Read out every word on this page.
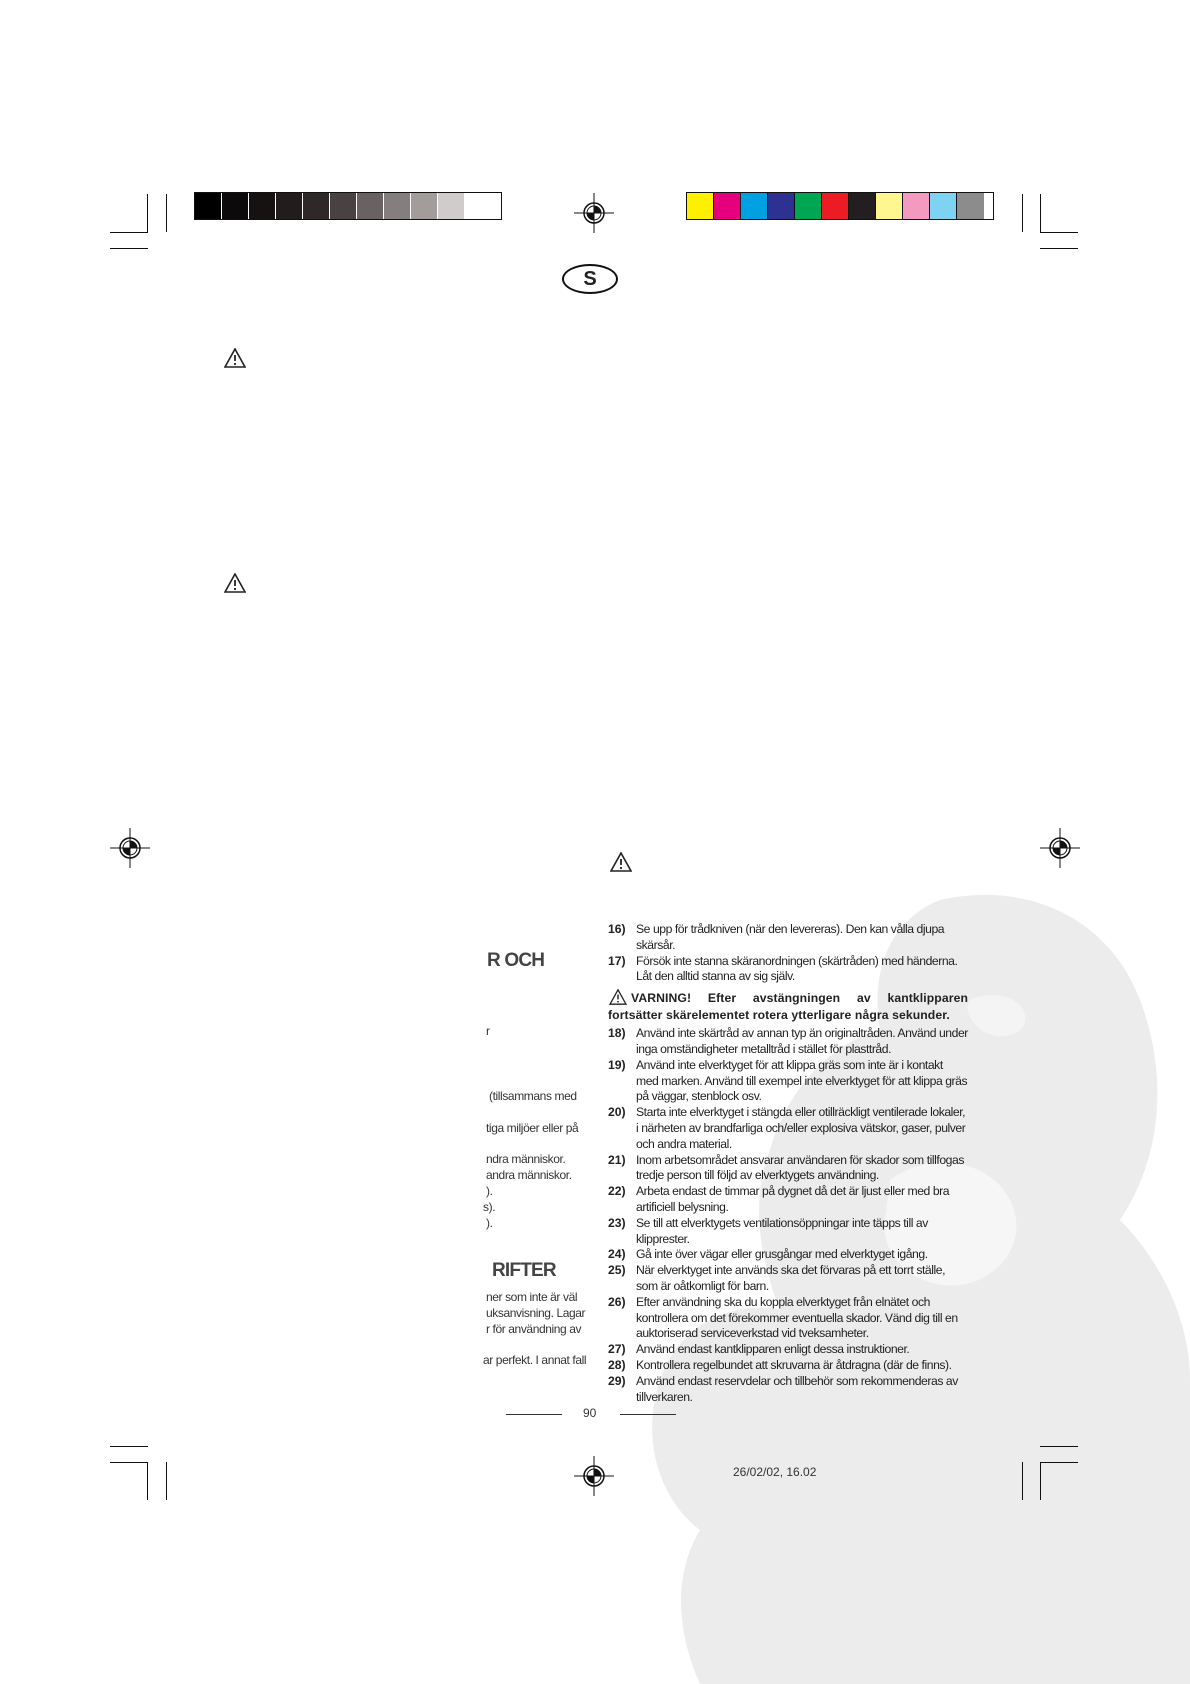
S
R OCH
r
(tillsammans med
tiga miljöer eller på
ndra människor.
andra människor.
).
s).
).
RIFTER
ner som inte är väl
uksanvisning. Lagar
r för användning av
ar perfekt. I annat fall
16) Se upp för trådkniven (när den levereras). Den kan vålla djupa skärsår.
17) Försök inte stanna skäranordningen (skärtråden) med händerna. Låt den alltid stanna av sig själv.
VARNING! Efter avstängningen av kantklipparen fortsätter skärelementet rotera ytterligare några sekunder.
18) Använd inte skärtråd av annan typ än originaltråden. Använd under inga omständigheter metalltråd i stället för plasttråd.
19) Använd inte elverktyget för att klippa gräs som inte är i kontakt med marken. Använd till exempel inte elverktyget för att klippa gräs på väggar, stenblock osv.
20) Starta inte elverktyget i stängda eller otillräckligt ventilerade lokaler, i närheten av brandfarliga och/eller explosiva vätskor, gaser, pulver och andra material.
21) Inom arbetsområdet ansvarar användaren för skador som tillfogas tredje person till följd av elverktygets användning.
22) Arbeta endast de timmar på dygnet då det är ljust eller med bra artificiell belysning.
23) Se till att elverktygets ventilationsöppningar inte täpps till av klipprester.
24) Gå inte över vägar eller grusgångar med elverktyget igång.
25) När elverktyget inte används ska det förvaras på ett torrt ställe, som är oåtkomligt för barn.
26) Efter användning ska du koppla elverktyget från elnätet och kontrollera om det förekommer eventuella skador. Vänd dig till en auktoriserad serviceverkstad vid tveksamheter.
27) Använd endast kantklipparen enligt dessa instruktioner.
28) Kontrollera regelbundet att skruvarna är åtdragna (där de finns).
29) Använd endast reservdelar och tillbehör som rekommenderas av tillverkaren.
90
26/02/02, 16.02
